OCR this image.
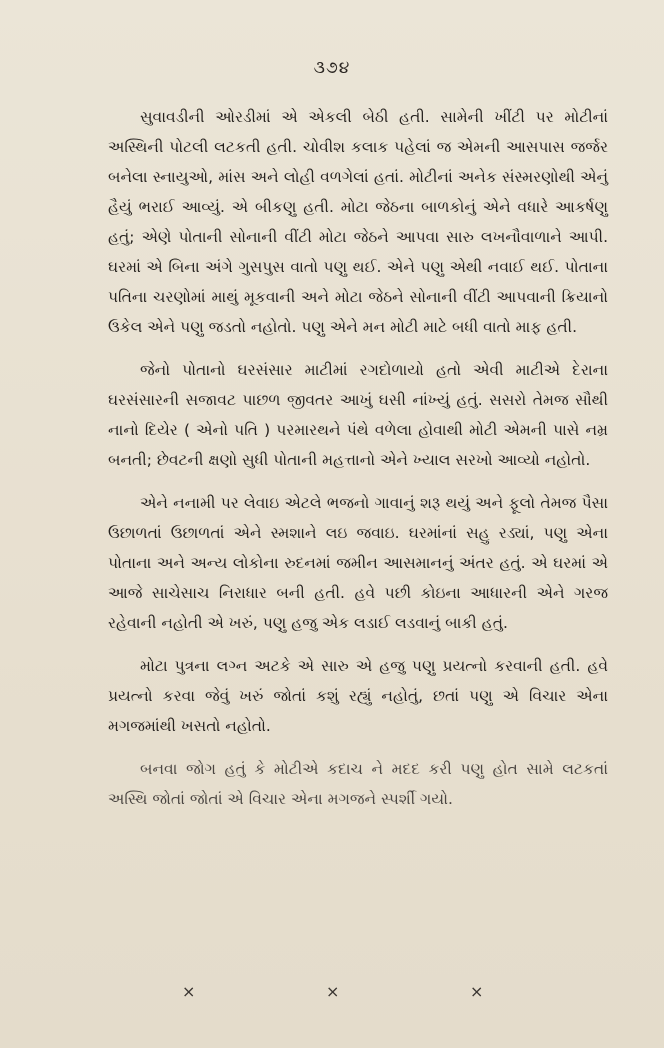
૩૭૪

સુવાવડીની ઓરડીમાં એ એકલી બેઠી હતી. સામેની ખીંટી પર મોટીનાં અસ્થિની પોટલી લટકતી હતી. ચોવીશ કલાક પહેલાં જ એમની આસપાસ જર્જર બનેલા સ્નાયુઓ, માંસ અને લોહી વળગેલાં હતાં. મોટીનાં અનેક સંસ્મરણોથી એનું હૈયું ભરાઈ આવ્યું. એ બીકણુ હતી. મોટા જેઠના બાળકોનું એને વધારે આકર્ષણુ હતું; એણે પોતાની સોનાની વીંટી મોટા જેઠને આપવા સારુ લખનૌવાળાને આપી. ઘરમાં એ બિના અંગે ગુસપુસ વાતો પણુ થઈ. એને પણુ એથી નવાઈ થઈ. પોતાના પતિના ચરણોમાં માથું મૂકવાની અને મોટા જેઠને સોનાની વીંટી આપવાની ક્રિયાનો ઉકેલ એને પણુ જડતો નહોતો. પણુ એને મન મોટી માટે બધી વાતો માફ હતી.

જેનો પોતાનો ઘરસંસાર માટીમાં રગદોળાયો હતો એવી માટીએ દેરાના ઘરસંસારની સજાવટ પાછળ જીવતર આખું ઘસી નાંખ્યું હતું. સસરો તેમજ સૌથી નાનો દિયેર ( એનો પતિ ) પરમારથને પંથે વળેલા હોવાથી મોટી એમની પાસે નમ્ર બનતી; છેવટની ક્ષણો સુધી પોતાની મહત્તાનો એને ખ્યાલ સરખો આવ્યો નહોતો.

એને નનામી પર લેવાઇ એટલે ભજનો ગાવાનું શરૂ થયું અને ફૂલો તેમજ પૈસા ઉછાળતાં ઉછાળતાં એને સ્મશાને લઇ જવાઇ. ઘરમાંનાં સહુ રડ્યાં, પણુ એના પોતાના અને અન્ય લોકોના રુદનમાં જમીન આસમાનનું અંતર હતું. એ ઘરમાં એ આજે સાચેસાચ નિરાધાર બની હતી. હવે પછી કોઇના આધારની એને ગરજ રહેવાની નહોતી એ ખરું, પણુ હજુ એક લડાઈ લડવાનું બાકી હતું.

મોટા પુત્રના લગ્ન અટકે એ સારુ એ હજુ પણુ પ્રયત્નો કરવાની હતી. હવે પ્રયત્નો કરવા જેવું ખરું જોતાં કશું રહ્યું નહોતું, છતાં પણુ એ વિચાર એના મગજમાંથી ખસતો નહોતો.

બનવા જોગ હતું કે મોટીએ કદાચ ને મદદ કરી પણુ હોત સામે લટકતાં અસ્થિ જોતાં જોતાં એ વિચાર એના મગજને સ્પર્શી ગયો.

×	×	×
